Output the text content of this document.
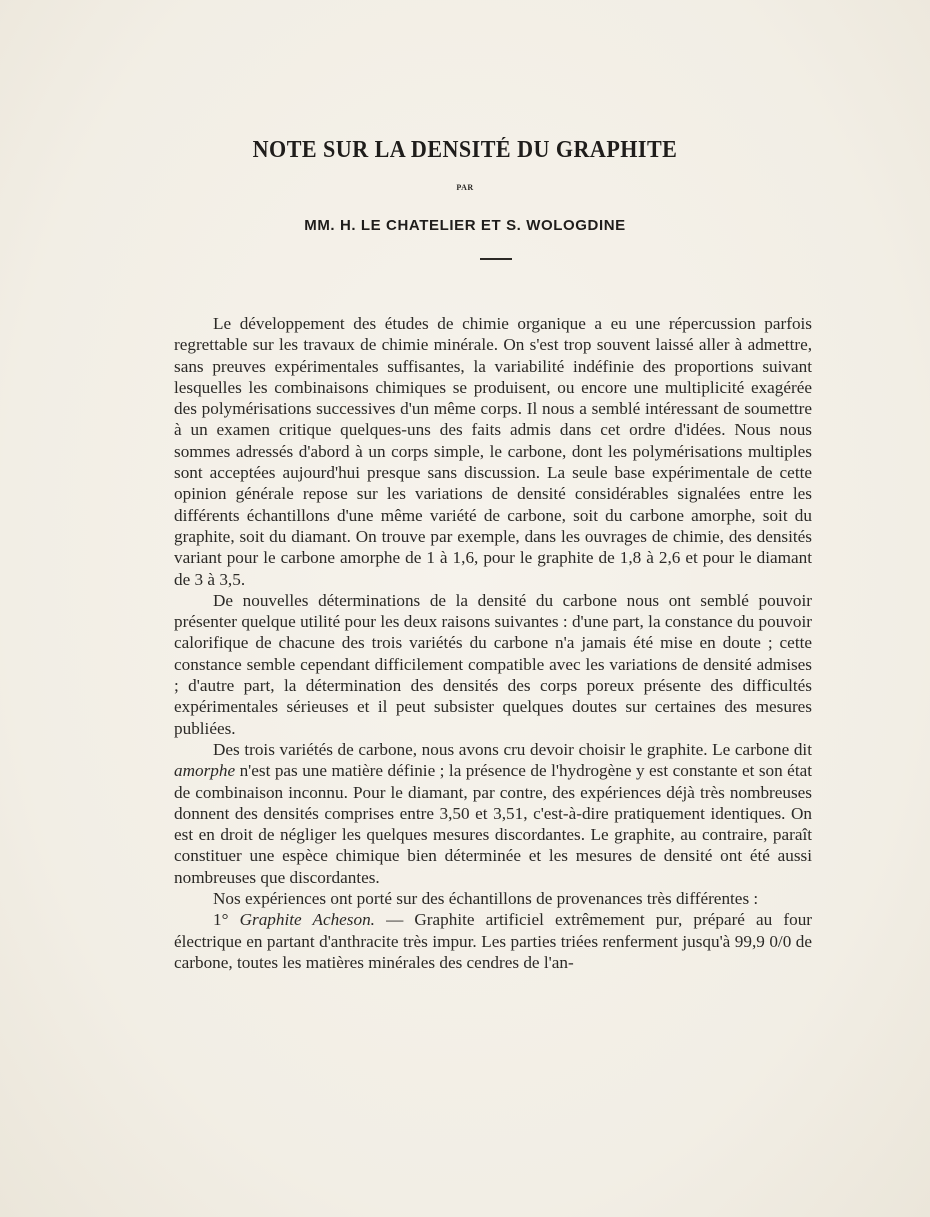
NOTE SUR LA DENSITÉ DU GRAPHITE
PAR
MM. H. LE CHATELIER ET S. WOLOGDINE

Le développement des études de chimie organique a eu une répercussion parfois regrettable sur les travaux de chimie minérale. On s'est trop souvent laissé aller à admettre, sans preuves expérimentales suffisantes, la variabilité indéfinie des proportions suivant lesquelles les combinaisons chimiques se produisent, ou encore une multiplicité exagérée des polymérisations successives d'un même corps. Il nous a semblé intéressant de soumettre à un examen critique quelques-uns des faits admis dans cet ordre d'idées. Nous nous sommes adressés d'abord à un corps simple, le carbone, dont les polymérisations multiples sont acceptées aujourd'hui presque sans discussion. La seule base expérimentale de cette opinion générale repose sur les variations de densité considérables signalées entre les différents échantillons d'une même variété de carbone, soit du carbone amorphe, soit du graphite, soit du diamant. On trouve par exemple, dans les ouvrages de chimie, des densités variant pour le carbone amorphe de 1 à 1,6, pour le graphite de 1,8 à 2,6 et pour le diamant de 3 à 3,5.

De nouvelles déterminations de la densité du carbone nous ont semblé pouvoir présenter quelque utilité pour les deux raisons suivantes : d'une part, la constance du pouvoir calorifique de chacune des trois variétés du carbone n'a jamais été mise en doute ; cette constance semble cependant difficilement compatible avec les variations de densité admises ; d'autre part, la détermination des densités des corps poreux présente des difficultés expérimentales sérieuses et il peut subsister quelques doutes sur certaines des mesures publiées.

Des trois variétés de carbone, nous avons cru devoir choisir le graphite. Le carbone dit amorphe n'est pas une matière définie ; la présence de l'hydrogène y est constante et son état de combinaison inconnu. Pour le diamant, par contre, des expériences déjà très nombreuses donnent des densités comprises entre 3,50 et 3,51, c'est-à-dire pratiquement identiques. On est en droit de négliger les quelques mesures discordantes. Le graphite, au contraire, paraît constituer une espèce chimique bien déterminée et les mesures de densité ont été aussi nombreuses que discordantes.

Nos expériences ont porté sur des échantillons de provenances très différentes :

1° Graphite Acheson. — Graphite artificiel extrêmement pur, préparé au four électrique en partant d'anthracite très impur. Les parties triées renferment jusqu'à 99,9 0/0 de carbone, toutes les matières minérales des cendres de l'an-
